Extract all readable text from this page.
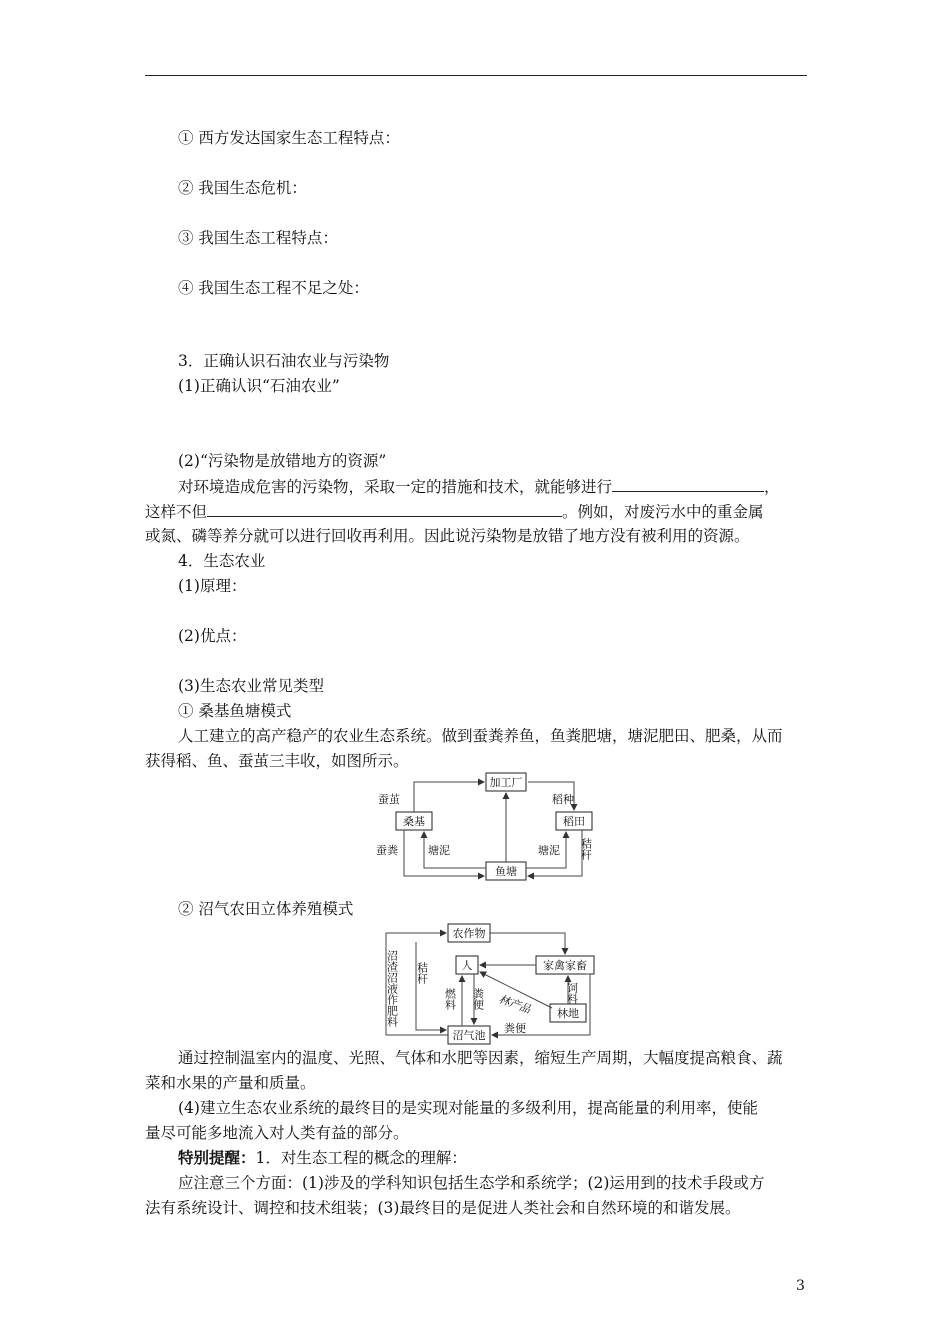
① 西方发达国家生态工程特点：
② 我国生态危机：
③ 我国生态工程特点：
④ 我国生态工程不足之处：
3．正确认识石油农业与污染物
(1)正确认识“石油农业”
(2)“污染物是放错地方的资源”
对环境造成危害的污染物，采取一定的措施和技术，就能够进行	，
这样不但	。例如，对废污水中的重金属
或氮、磷等养分就可以进行回收再利用。因此说污染物是放错了地方没有被利用的资源。
4．生态农业
(1)原理：
(2)优点：
(3)生态农业常见类型
① 桑基鱼塘模式
人工建立的高产稳产的农业生态系统。做到蚕粪养鱼，鱼粪肥塘，塘泥肥田、肥桑，从而
获得稻、鱼、蚕茧三丰收，如图所示。
加工厂
桑基	稻田
鱼塘
蚕茧	稻种
蚕粪	塘泥	塘泥 秸秆
② 沼气农田立体养殖模式
农作物
人	家禽家畜
林地
沼气池
沼渣沼液作肥料 秸秆
燃料 粪便 林产品	饲料
粪便
通过控制温室内的温度、光照、气体和水肥等因素，缩短生产周期，大幅度提高粮食、蔬
菜和水果的产量和质量。
(4)建立生态农业系统的最终目的是实现对能量的多级利用，提高能量的利用率，使能
量尽可能多地流入对人类有益的部分。
特别提醒：1．对生态工程的概念的理解：
应注意三个方面：(1)涉及的学科知识包括生态学和系统学；(2)运用到的技术手段或方
法有系统设计、调控和技术组装；(3)最终目的是促进人类社会和自然环境的和谐发展。
3
